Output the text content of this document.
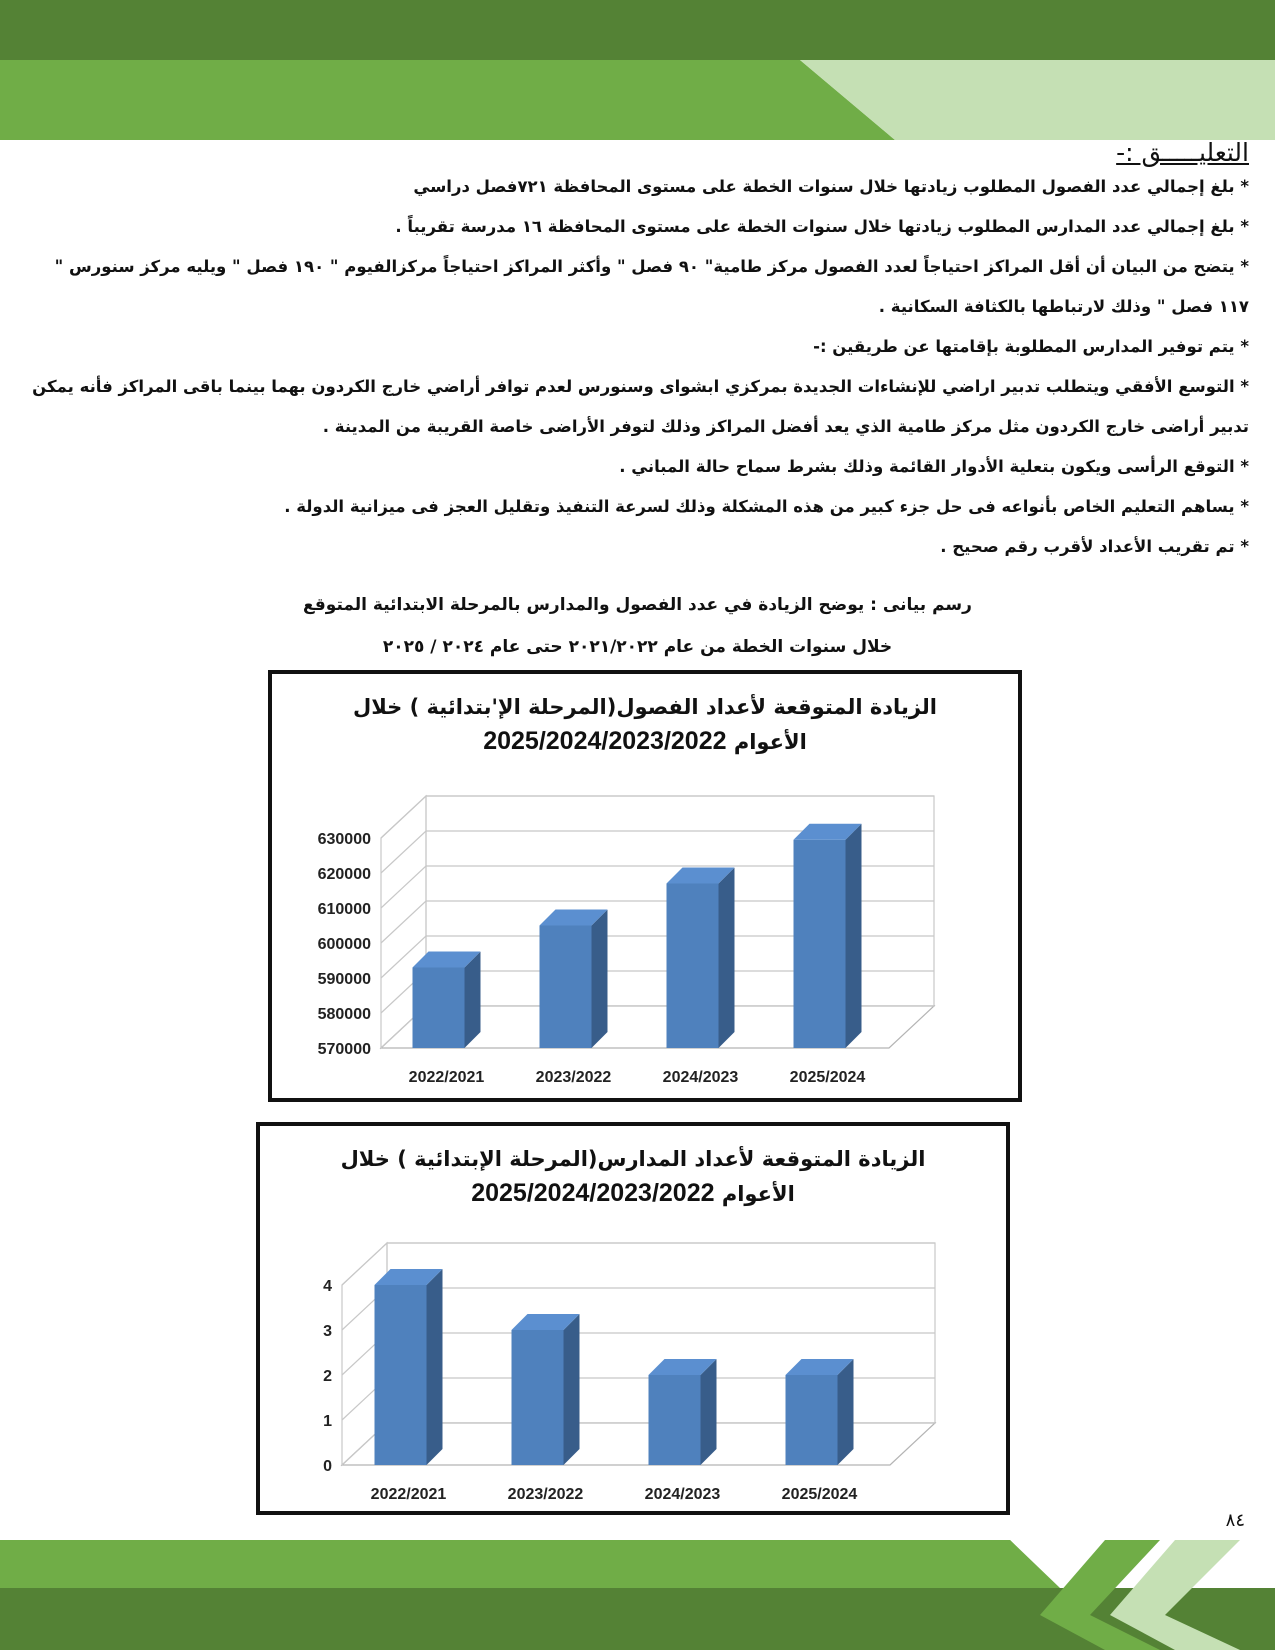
التعليـــــق :-
* بلغ إجمالي عدد الفصول المطلوب زيادتها خلال سنوات الخطة على مستوى المحافظة ٧٢١فصل دراسي
* بلغ إجمالي عدد المدارس المطلوب زيادتها خلال سنوات الخطة على مستوى المحافظة ١٦ مدرسة تقريباً .
* يتضح من البيان أن أقل المراكز احتياجاً لعدد الفصول مركز طامية" ٩٠ فصل " وأكثر المراكز احتياجاً مركزالفيوم " ١٩٠ فصل " ويليه مركز سنورس "
١١٧ فصل " وذلك لارتباطها بالكثافة السكانية .
* يتم توفير المدارس المطلوبة بإقامتها عن طريقين :-
* التوسع الأفقي ويتطلب تدبير اراضي للإنشاءات الجديدة بمركزي ابشواى وسنورس لعدم توافر أراضي خارج الكردون بهما بينما باقى المراكز فأنه يمكن
تدبير أراضى خارج الكردون مثل مركز طامية الذي يعد أفضل المراكز وذلك لتوفر الأراضى خاصة القريبة من المدينة .
* التوقع الرأسى ويكون بتعلية الأدوار القائمة وذلك بشرط سماح حالة المباني .
* يساهم التعليم الخاص بأنواعه فى حل جزء كبير من هذه المشكلة وذلك لسرعة التنفيذ وتقليل العجز فى ميزانية الدولة .
* تم تقريب الأعداد لأقرب رقم صحيح .
رسم بيانى : يوضح الزيادة في عدد الفصول والمدارس بالمرحلة الابتدائية المتوقع
خلال سنوات الخطة من عام ٢٠٢١/٢٠٢٢ حتى عام ٢٠٢٤ / ٢٠٢٥
الزيادة المتوقعة لأعداد الفصول(المرحلة الإ'بتدائية ) خلال
الأعوام 2025/2024/2023/2022
570000
580000
590000
600000
610000
620000
630000
2022/2021	2023/2022	2024/2023	2025/2024
الزيادة المتوقعة لأعداد المدارس(المرحلة الإبتدائية ) خلال
الأعوام 2025/2024/2023/2022
0
1
2
3
4
2022/2021	2023/2022	2024/2023	2025/2024
٨٤
